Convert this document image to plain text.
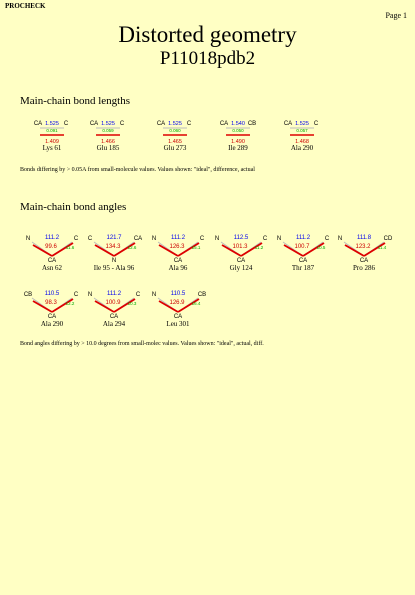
PROCHECK
Page 1
Distorted geometry
P11018pdb2
Main-chain bond lengths
CA	C
1.525
0.091
1.409
Lys 61
CA	C
1.525
0.059
1.466
Glu 185
CA	C
1.525
0.060
1.465
Glu 273
CA	CB
1.540
0.050
1.490
Ile 289
CA	C
1.525
0.057
1.468
Ala 290
Bonds differing by > 0.05A from small-molecule values. Values shown: "ideal", difference, actual
Main-chain bond angles
N	C
111.2
99.6 11.6
CA
Asn 62
C	CA
121.7
134.3 12.6
N
Ile 95 - Ala 96
N	C
111.2
126.3 15.1
CA
Ala 96
N	C
112.5
101.3 11.2
CA
Gly 124
N	C
111.2
100.7 10.5
CA
Thr 187
N	CD
111.8
123.2 11.4
CA
Pro 286
CB	C
110.5
98.3 12.2
CA
Ala 290
N	C
111.2
100.9 10.3
CA
Ala 294
N	CB
110.5
126.9 16.4
CA
Leu 301
Bond angles differing by > 10.0 degrees from small-molec values. Values shown: "ideal", actual, diff.
